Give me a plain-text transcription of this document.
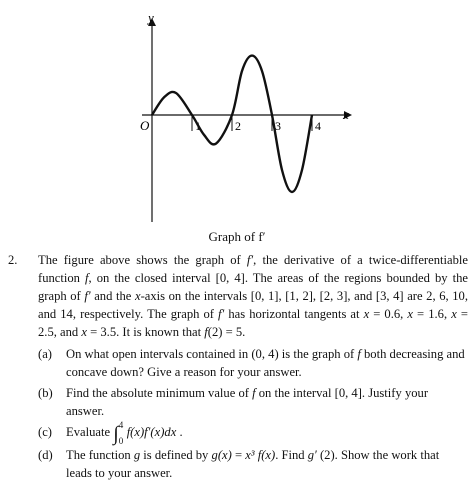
1	2	3	4
x
y
O
Graph of f′
2.	The figure above shows the graph of f′, the derivative of a twice-differentiable function f, on the closed interval [0, 4]. The areas of the regions bounded by the graph of f′ and the x-axis on the intervals [0, 1], [1, 2], [2, 3], and [3, 4] are 2, 6, 10, and 14, respectively. The graph of f′ has horizontal tangents at x = 0.6, x = 1.6, x = 2.5, and x = 3.5. It is known that f(2) = 5.
(a) On what open intervals contained in (0, 4) is the graph of f both decreasing and concave down? Give a reason for your answer.
(b) Find the absolute minimum value of f on the interval [0, 4]. Justify your answer.
(c) Evaluate ∫ 4
0
f(x)f′(x)dx .
(d) The function g is defined by g(x) = x³ f(x). Find g′ (2). Show the work that leads to your answer.
